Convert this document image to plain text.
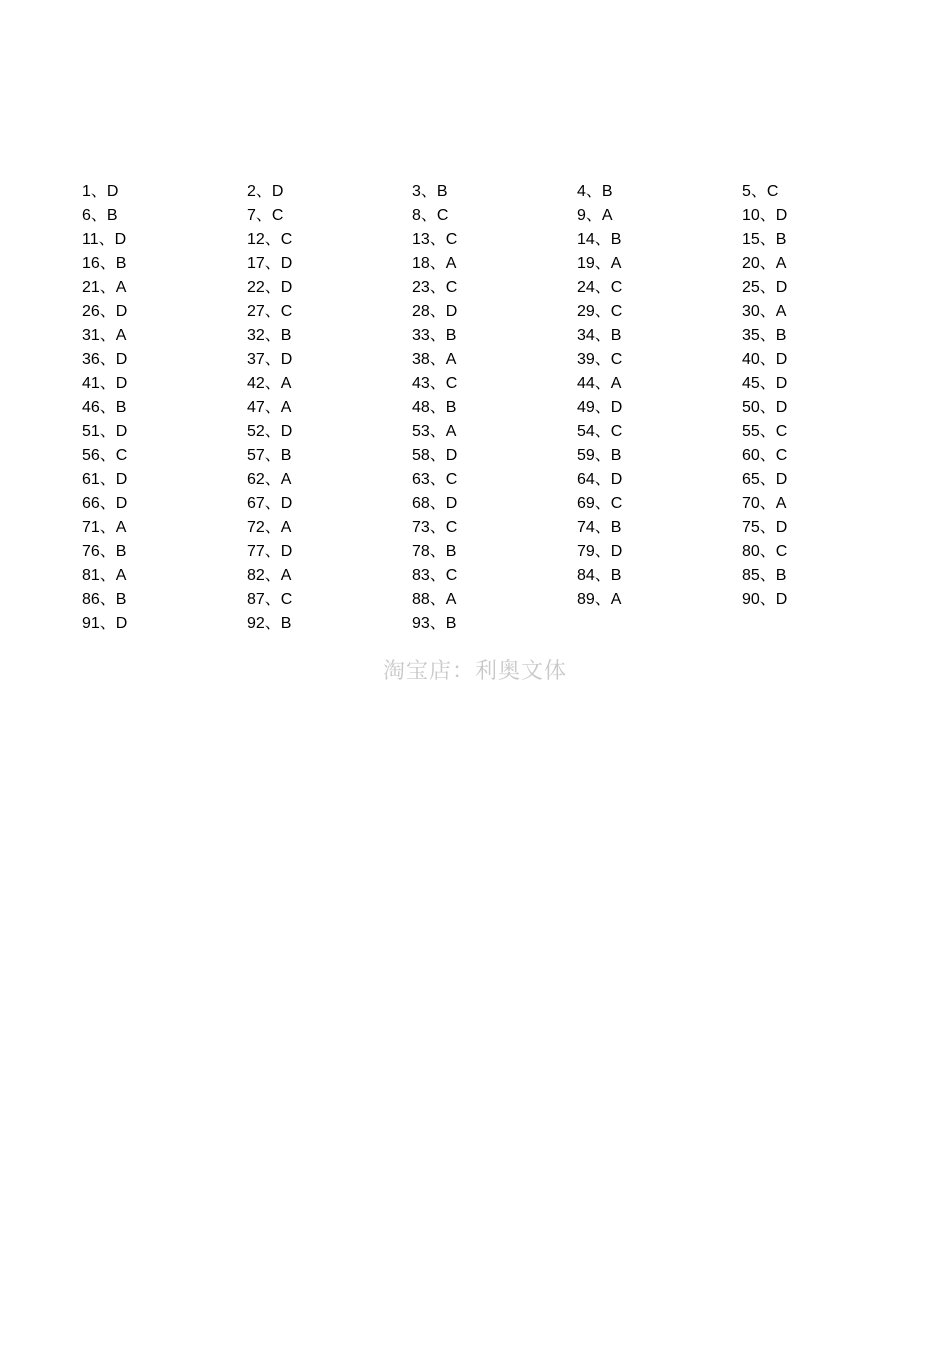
1、D	2、D	3、B	4、B	5、C
6、B	7、C	8、C	9、A	10、D
11、D	12、C	13、C	14、B	15、B
16、B	17、D	18、A	19、A	20、A
21、A	22、D	23、C	24、C	25、D
26、D	27、C	28、D	29、C	30、A
31、A	32、B	33、B	34、B	35、B
36、D	37、D	38、A	39、C	40、D
41、D	42、A	43、C	44、A	45、D
46、B	47、A	48、B	49、D	50、D
51、D	52、D	53、A	54、C	55、C
56、C	57、B	58、D	59、B	60、C
61、D	62、A	63、C	64、D	65、D
66、D	67、D	68、D	69、C	70、A
71、A	72、A	73、C	74、B	75、D
76、B	77、D	78、B	79、D	80、C
81、A	82、A	83、C	84、B	85、B
86、B	87、C	88、A	89、A	90、D
91、D	92、B	93、B
淘宝店：利奥文体
